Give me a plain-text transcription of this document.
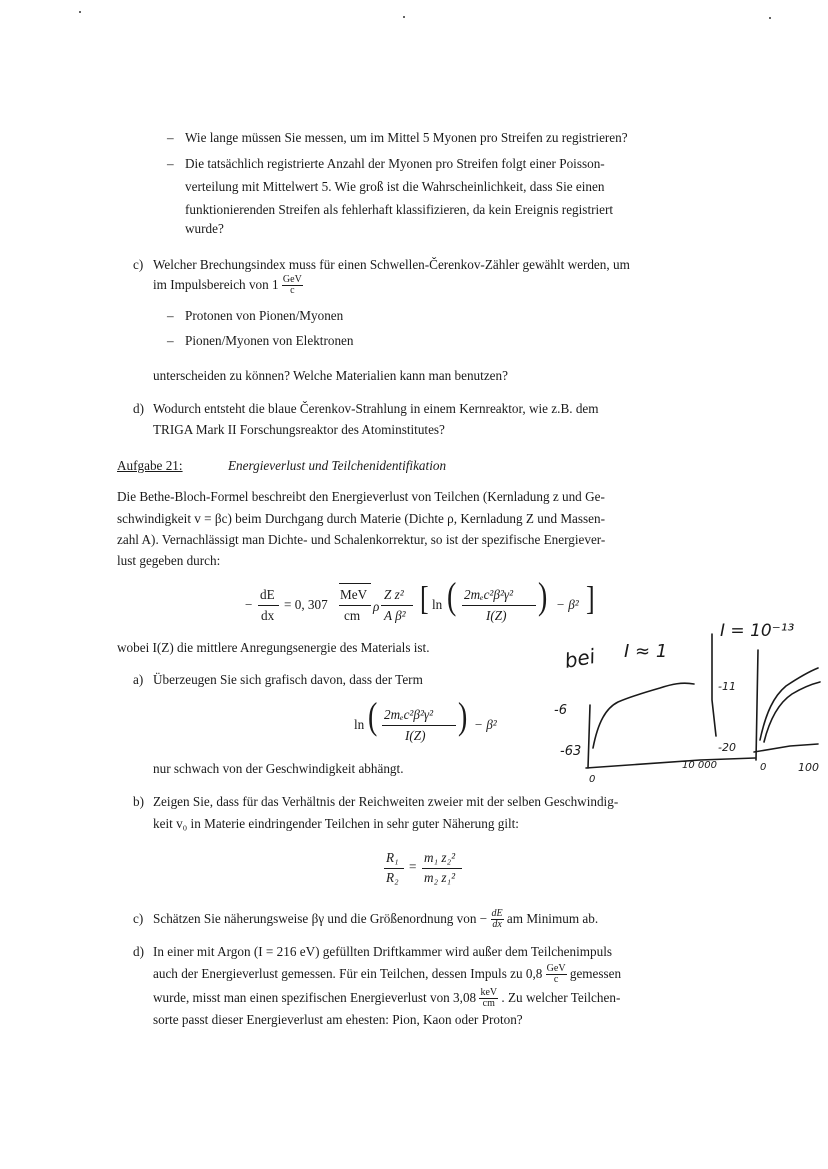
– Wie lange müssen Sie messen, um im Mittel 5 Myonen pro Streifen zu registrieren?
– Die tatsächlich registrierte Anzahl der Myonen pro Streifen folgt einer Poisson-
verteilung mit Mittelwert 5. Wie groß ist die Wahrscheinlichkeit, dass Sie einen
funktionierenden Streifen als fehlerhaft klassifizieren, da kein Ereignis registriert
wurde?
c) Welcher Brechungsindex muss für einen Schwellen-Čerenkov-Zähler gewählt werden, um
im Impulsbereich von $1 \frac{\text{GeV}}{c}$
– Protonen von Pionen/Myonen
– Pionen/Myonen von Elektronen
unterscheiden zu können? Welche Materialien kann man benutzen?
d) Wodurch entsteht die blaue Čerenkov-Strahlung in einem Kernreaktor, wie z.B. dem
TRIGA Mark II Forschungsreaktor des Atominstitutes?
Aufgabe 21:	Energieverlust und Teilchenidentifikation
Die Bethe-Bloch-Formel beschreibt den Energieverlust von Teilchen (Kernladung z und Ge-
schwindigkeit v = βc) beim Durchgang durch Materie (Dichte ρ, Kernladung Z und Massen-
zahl A). Vernachlässigt man Dichte- und Schalenkorrektur, so ist der spezifische Energiever-
lust gegeben durch:
−
dE
dx
= 0, 307
MeV
cm
ρ
Z z²
A β² [ ln ( 2mₑc²β²γ²
I(Z) ) − β² ]
wobei I(Z) die mittlere Anregungsenergie des Materials ist.
a) Überzeugen Sie sich grafisch davon, dass der Term
ln ( 2mₑc²β²γ²
I(Z) ) − β²
nur schwach von der Geschwindigkeit abhängt.
b) Zeigen Sie, dass für das Verhältnis der Reichweiten zweier mit der selben Geschwindig-
keit v₀ in Materie eindringender Teilchen in sehr guter Näherung gilt:
R₁
R₂
=
m₁ z₂²
m₂ z₁²
c) Schätzen Sie näherungsweise βγ und die Größenordnung von − $\frac{dE}{dx}$ am Minimum ab.
d) In einer mit Argon (I = 216 eV) gefüllten Driftkammer wird außer dem Teilchenimpuls
auch der Energieverlust gemessen. Für ein Teilchen, dessen Impuls zu $0,8 \frac{\text{GeV}}{c}$ gemessen
wurde, misst man einen spezifischen Energieverlust von $3,08 \frac{\text{keV}}{cm}$ . Zu welcher Teilchen-
sorte passt dieser Energieverlust am ehesten: Pion, Kaon oder Proton?
bei I ≈ 1
I = 10⁻¹³
-6
-63
0
10 000
-11
-20
0	100
